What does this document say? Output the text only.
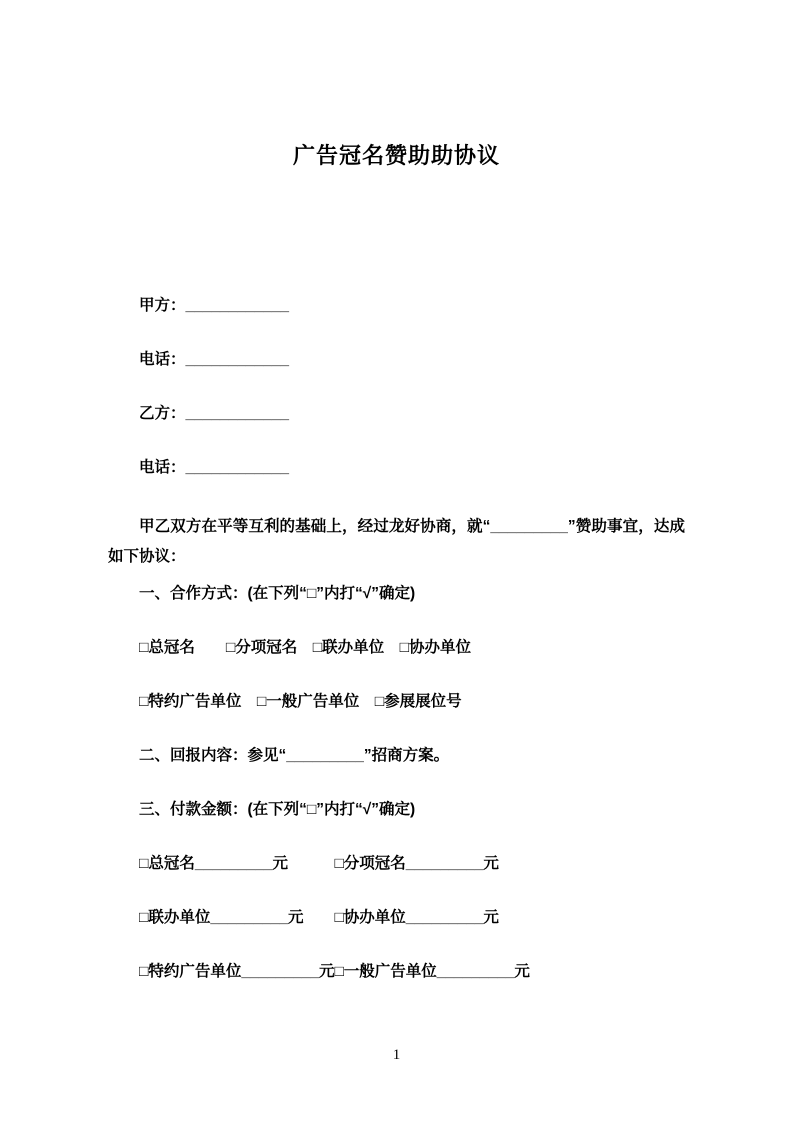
广告冠名赞助助协议

甲方：____________

电话：____________

乙方：____________

电话：____________

甲乙双方在平等互利的基础上，经过龙好协商，就“_________”赞助事宜，达成如下协议：

一、合作方式：(在下列“□”内打“√”确定)

□总冠名　　□分项冠名　□联办单位　□协办单位

□特约广告单位　□一般广告单位　□参展展位号

二、回报内容：参见“_________”招商方案。

三、付款金额：(在下列“□”内打“√”确定)

□总冠名_________元　　　□分项冠名_________元

□联办单位_________元　　□协办单位_________元

□特约广告单位_________元□一般广告单位_________元

1
